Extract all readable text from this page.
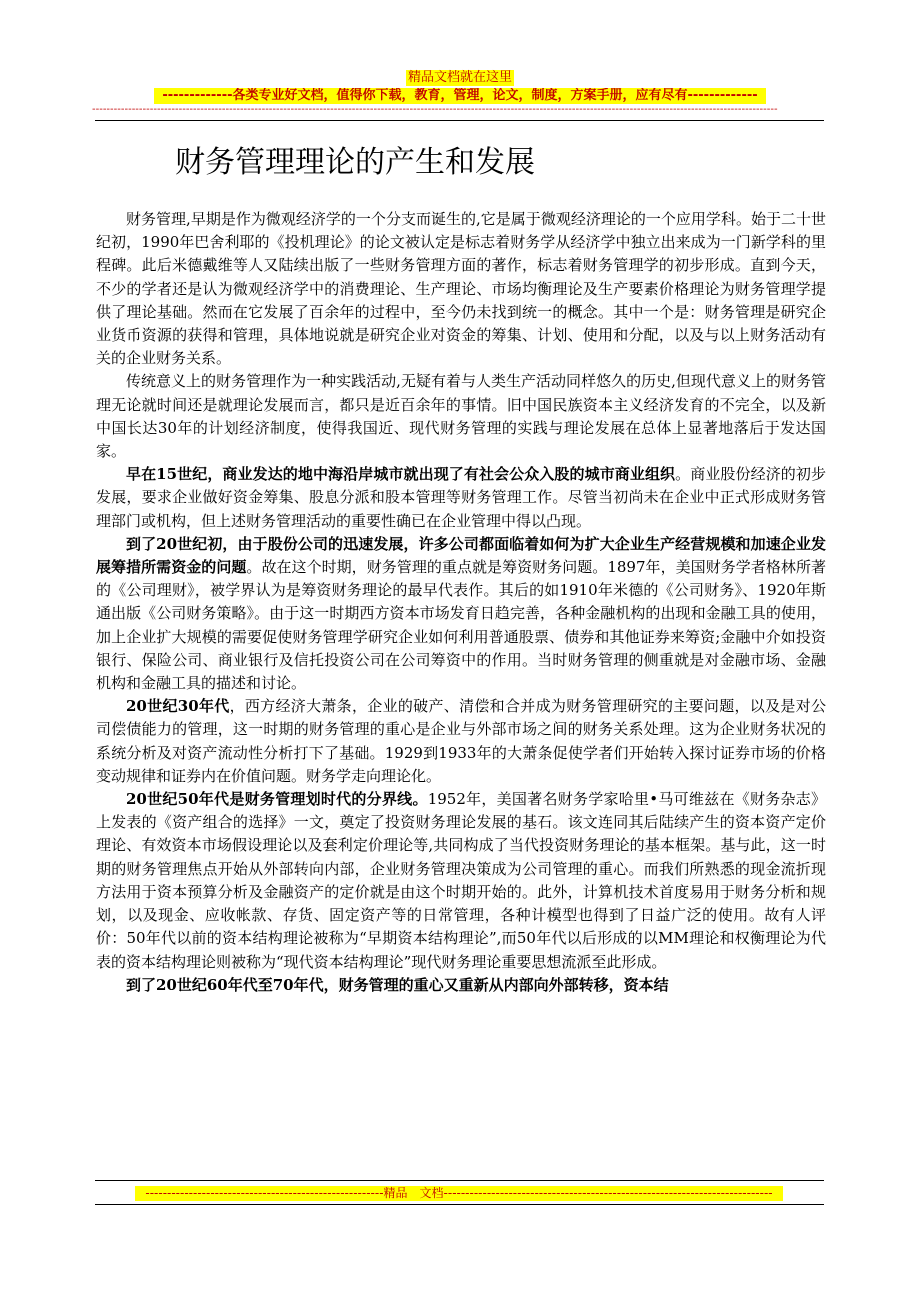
精品文档就在这里
-------------各类专业好文档，值得你下载，教育，管理，论文，制度，方案手册，应有尽有-------------
----------------------------------------------------------------------------------------------------------------------------------------------------------------------------------------------
财务管理理论的产生和发展

财务管理,早期是作为微观经济学的一个分支而诞生的,它是属于微观经济理论的一个应用学科。始于二十世纪初，1990年巴舍利耶的《投机理论》的论文被认定是标志着财务学从经济学中独立出来成为一门新学科的里程碑。此后米德戴维等人又陆续出版了一些财务管理方面的著作，标志着财务管理学的初步形成。直到今天，不少的学者还是认为微观经济学中的消费理论、生产理论、市场均衡理论及生产要素价格理论为财务管理学提供了理论基础。然而在它发展了百余年的过程中，至今仍未找到统一的概念。其中一个是：财务管理是研究企业货币资源的获得和管理，具体地说就是研究企业对资金的筹集、计划、使用和分配，以及与以上财务活动有关的企业财务关系。

传统意义上的财务管理作为一种实践活动,无疑有着与人类生产活动同样悠久的历史,但现代意义上的财务管理无论就时间还是就理论发展而言，都只是近百余年的事情。旧中国民族资本主义经济发育的不完全，以及新中国长达30年的计划经济制度，使得我国近、现代财务管理的实践与理论发展在总体上显著地落后于发达国家。

早在15世纪，商业发达的地中海沿岸城市就出现了有社会公众入股的城市商业组织。商业股份经济的初步发展，要求企业做好资金筹集、股息分派和股本管理等财务管理工作。尽管当初尚未在企业中正式形成财务管理部门或机构，但上述财务管理活动的重要性确已在企业管理中得以凸现。

到了20世纪初，由于股份公司的迅速发展，许多公司都面临着如何为扩大企业生产经营规模和加速企业发展筹措所需资金的问题。故在这个时期，财务管理的重点就是筹资财务问题。1897年，美国财务学者格林所著的《公司理财》，被学界认为是筹资财务理论的最早代表作。其后的如1910年米德的《公司财务》、1920年斯通出版《公司财务策略》。由于这一时期西方资本市场发育日趋完善，各种金融机构的出现和金融工具的使用，加上企业扩大规模的需要促使财务管理学研究企业如何利用普通股票、债券和其他证券来筹资;金融中介如投资银行、保险公司、商业银行及信托投资公司在公司筹资中的作用。当时财务管理的侧重就是对金融市场、金融机构和金融工具的描述和讨论。

20世纪30年代，西方经济大萧条，企业的破产、清偿和合并成为财务管理研究的主要问题，以及是对公司偿债能力的管理，这一时期的财务管理的重心是企业与外部市场之间的财务关系处理。这为企业财务状况的系统分析及对资产流动性分析打下了基础。1929到1933年的大萧条促使学者们开始转入探讨证券市场的价格变动规律和证券内在价值问题。财务学走向理论化。

20世纪50年代是财务管理划时代的分界线。1952年，美国著名财务学家哈里•马可维兹在《财务杂志》上发表的《资产组合的选择》一文，奠定了投资财务理论发展的基石。该文连同其后陆续产生的资本资产定价理论、有效资本市场假设理论以及套利定价理论等,共同构成了当代投资财务理论的基本框架。基与此，这一时期的财务管理焦点开始从外部转向内部，企业财务管理决策成为公司管理的重心。而我们所熟悉的现金流折现方法用于资本预算分析及金融资产的定价就是由这个时期开始的。此外，计算机技术首度易用于财务分析和规划，以及现金、应收帐款、存货、固定资产等的日常管理，各种计模型也得到了日益广泛的使用。故有人评价：50年代以前的资本结构理论被称为“早期资本结构理论”,而50年代以后形成的以MM理论和权衡理论为代表的资本结构理论则被称为“现代资本结构理论”现代财务理论重要思想流派至此形成。

到了20世纪60年代至70年代，财务管理的重心又重新从内部向外部转移，资本结

-------------------------------------------------------精品　文档----------------------------------------------------------------------------
